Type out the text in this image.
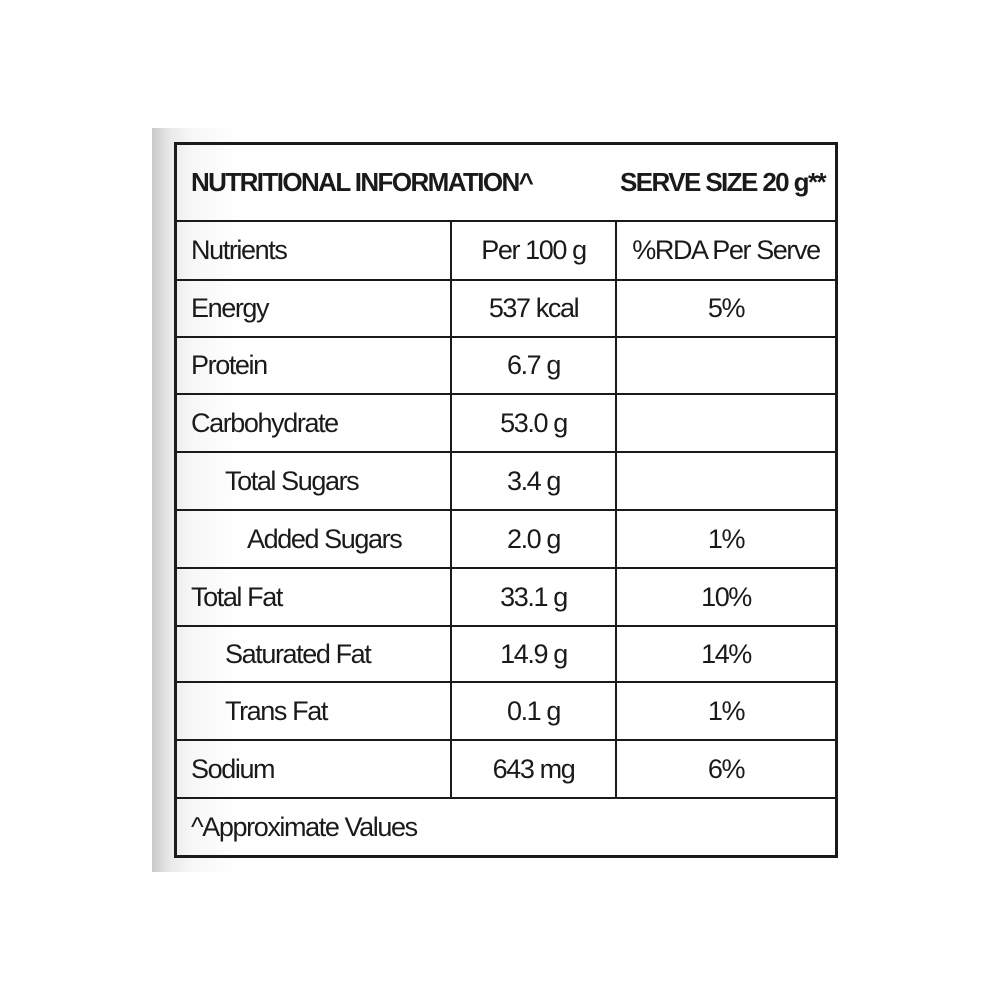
NUTRITIONAL INFORMATION^	SERVE SIZE 20 g**
Nutrients	Per 100 g	%RDA Per Serve
Energy	537 kcal	5%
Protein	6.7 g
Carbohydrate	53.0 g
Total Sugars	3.4 g
Added Sugars	2.0 g	1%
Total Fat	33.1 g	10%
Saturated Fat	14.9 g	14%
Trans Fat	0.1 g	1%
Sodium	643 mg	6%
^Approximate Values
